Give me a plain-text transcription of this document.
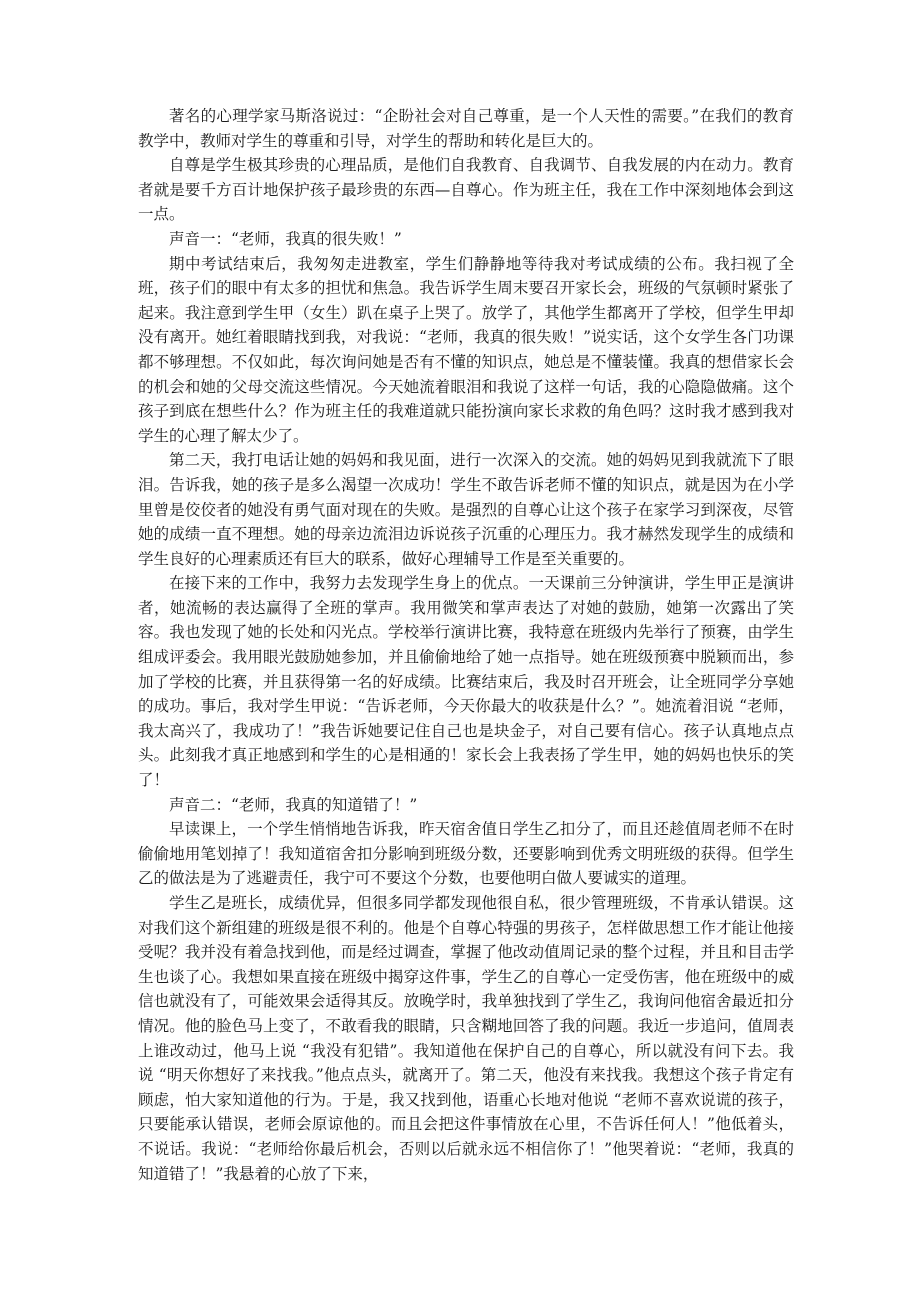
著名的心理学家马斯洛说过：“企盼社会对自己尊重，是一个人天性的需要。”在我们的教育教学中，教师对学生的尊重和引导，对学生的帮助和转化是巨大的。

自尊是学生极其珍贵的心理品质，是他们自我教育、自我调节、自我发展的内在动力。教育者就是要千方百计地保护孩子最珍贵的东西—自尊心。作为班主任，我在工作中深刻地体会到这一点。

声音一：“老师，我真的很失败！”

期中考试结束后，我匆匆走进教室，学生们静静地等待我对考试成绩的公布。我扫视了全班，孩子们的眼中有太多的担忧和焦急。我告诉学生周末要召开家长会，班级的气氛顿时紧张了起来。我注意到学生甲（女生）趴在桌子上哭了。放学了，其他学生都离开了学校，但学生甲却没有离开。她红着眼睛找到我，对我说：“老师，我真的很失败！”说实话，这个女学生各门功课都不够理想。不仅如此，每次询问她是否有不懂的知识点，她总是不懂装懂。我真的想借家长会的机会和她的父母交流这些情况。今天她流着眼泪和我说了这样一句话，我的心隐隐做痛。这个孩子到底在想些什么？作为班主任的我难道就只能扮演向家长求救的角色吗？这时我才感到我对学生的心理了解太少了。

第二天，我打电话让她的妈妈和我见面，进行一次深入的交流。她的妈妈见到我就流下了眼泪。告诉我，她的孩子是多么渴望一次成功！学生不敢告诉老师不懂的知识点，就是因为在小学里曾是佼佼者的她没有勇气面对现在的失败。是强烈的自尊心让这个孩子在家学习到深夜，尽管她的成绩一直不理想。她的母亲边流泪边诉说孩子沉重的心理压力。我才赫然发现学生的成绩和学生良好的心理素质还有巨大的联系，做好心理辅导工作是至关重要的。

在接下来的工作中，我努力去发现学生身上的优点。一天课前三分钟演讲，学生甲正是演讲者，她流畅的表达赢得了全班的掌声。我用微笑和掌声表达了对她的鼓励，她第一次露出了笑容。我也发现了她的长处和闪光点。学校举行演讲比赛，我特意在班级内先举行了预赛，由学生组成评委会。我用眼光鼓励她参加，并且偷偷地给了她一点指导。她在班级预赛中脱颖而出，参加了学校的比赛，并且获得第一名的好成绩。比赛结束后，我及时召开班会，让全班同学分享她的成功。事后，我对学生甲说：“告诉老师，今天你最大的收获是什么？”。她流着泪说 “老师，我太高兴了，我成功了！”我告诉她要记住自己也是块金子，对自己要有信心。孩子认真地点点头。此刻我才真正地感到和学生的心是相通的！家长会上我表扬了学生甲，她的妈妈也快乐的笑了！

声音二：“老师，我真的知道错了！”

早读课上，一个学生悄悄地告诉我，昨天宿舍值日学生乙扣分了，而且还趁值周老师不在时偷偷地用笔划掉了！我知道宿舍扣分影响到班级分数，还要影响到优秀文明班级的获得。但学生乙的做法是为了逃避责任，我宁可不要这个分数，也要他明白做人要诚实的道理。

学生乙是班长，成绩优异，但很多同学都发现他很自私，很少管理班级，不肯承认错误。这对我们这个新组建的班级是很不利的。他是个自尊心特强的男孩子，怎样做思想工作才能让他接受呢？我并没有着急找到他，而是经过调查，掌握了他改动值周记录的整个过程，并且和目击学生也谈了心。我想如果直接在班级中揭穿这件事，学生乙的自尊心一定受伤害，他在班级中的威信也就没有了，可能效果会适得其反。放晚学时，我单独找到了学生乙，我询问他宿舍最近扣分情况。他的脸色马上变了，不敢看我的眼睛，只含糊地回答了我的问题。我近一步追问，值周表上谁改动过，他马上说 “我没有犯错”。我知道他在保护自己的自尊心，所以就没有问下去。我说 “明天你想好了来找我。”他点点头，就离开了。第二天，他没有来找我。我想这个孩子肯定有顾虑，怕大家知道他的行为。于是，我又找到他，语重心长地对他说 “老师不喜欢说谎的孩子，只要能承认错误，老师会原谅他的。而且会把这件事情放在心里，不告诉任何人！”他低着头，不说话。我说：“老师给你最后机会，否则以后就永远不相信你了！”他哭着说：“老师，我真的知道错了！”我悬着的心放了下来，
